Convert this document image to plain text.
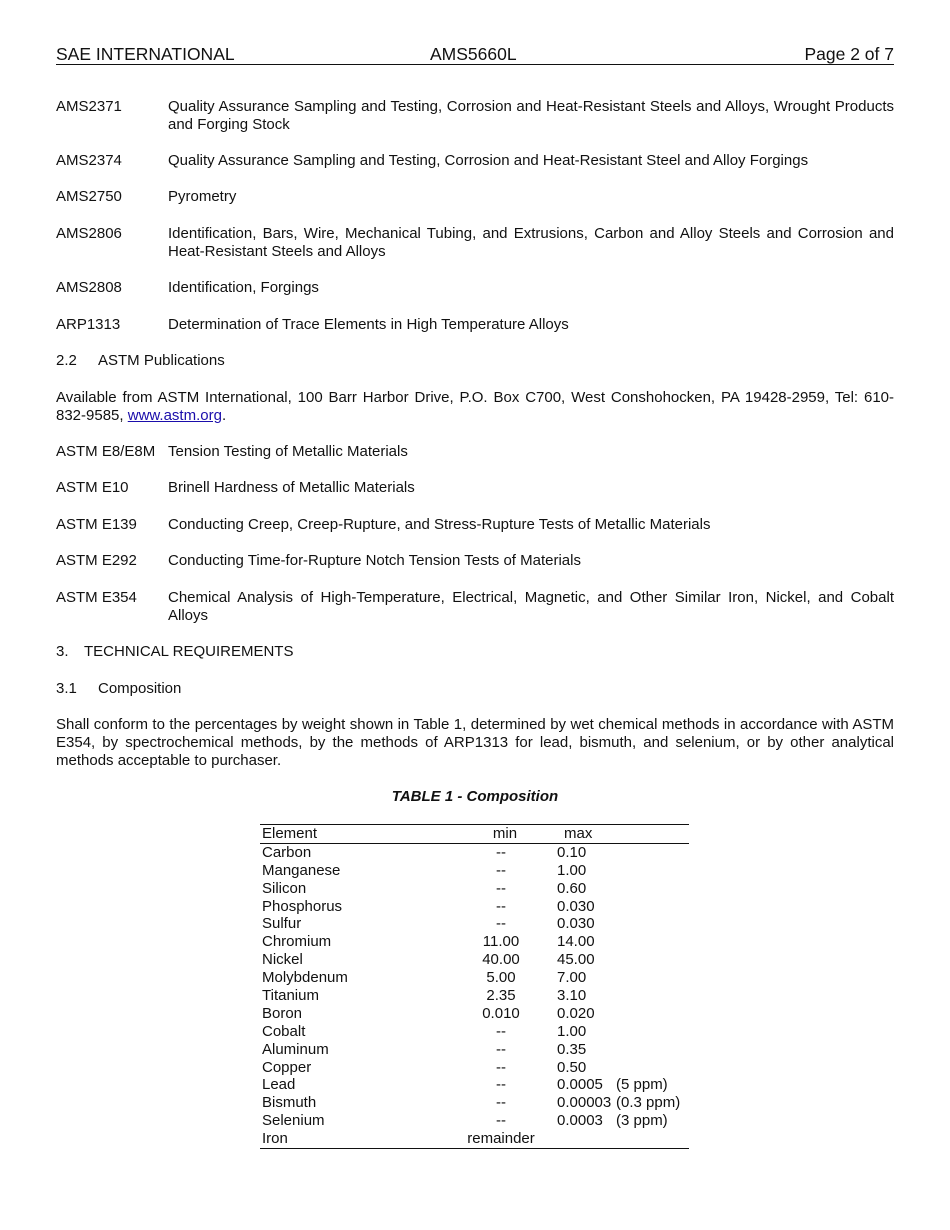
SAE INTERNATIONAL	AMS5660L	Page 2 of 7
AMS2371	Quality Assurance Sampling and Testing, Corrosion and Heat-Resistant Steels and Alloys, Wrought Products and Forging Stock
AMS2374	Quality Assurance Sampling and Testing, Corrosion and Heat-Resistant Steel and Alloy Forgings
AMS2750	Pyrometry
AMS2806	Identification, Bars, Wire, Mechanical Tubing, and Extrusions, Carbon and Alloy Steels and Corrosion and Heat-Resistant Steels and Alloys
AMS2808	Identification, Forgings
ARP1313	Determination of Trace Elements in High Temperature Alloys
2.2 ASTM Publications
Available from ASTM International, 100 Barr Harbor Drive, P.O. Box C700, West Conshohocken, PA 19428-2959, Tel: 610-832-9585, www.astm.org.
ASTM E8/E8M Tension Testing of Metallic Materials
ASTM E10	Brinell Hardness of Metallic Materials
ASTM E139 Conducting Creep, Creep-Rupture, and Stress-Rupture Tests of Metallic Materials
ASTM E292 Conducting Time-for-Rupture Notch Tension Tests of Materials
ASTM E354 Chemical Analysis of High-Temperature, Electrical, Magnetic, and Other Similar Iron, Nickel, and Cobalt Alloys
3. TECHNICAL REQUIREMENTS
3.1 Composition
Shall conform to the percentages by weight shown in Table 1, determined by wet chemical methods in accordance with ASTM E354, by spectrochemical methods, by the methods of ARP1313 for lead, bismuth, and selenium, or by other analytical methods acceptable to purchaser.
TABLE 1 - Composition
Element	min	max
Carbon	--	0.10
Manganese	--	1.00
Silicon	--	0.60
Phosphorus	--	0.030
Sulfur	--	0.030
Chromium	11.00	14.00
Nickel	40.00	45.00
Molybdenum	5.00	7.00
Titanium	2.35	3.10
Boron	0.010	0.020
Cobalt	--	1.00
Aluminum	--	0.35
Copper	--	0.50
Lead	--	0.0005 (5 ppm)
Bismuth	--	0.00003 (0.3 ppm)
Selenium	--	0.0003 (3 ppm)
Iron	remainder
